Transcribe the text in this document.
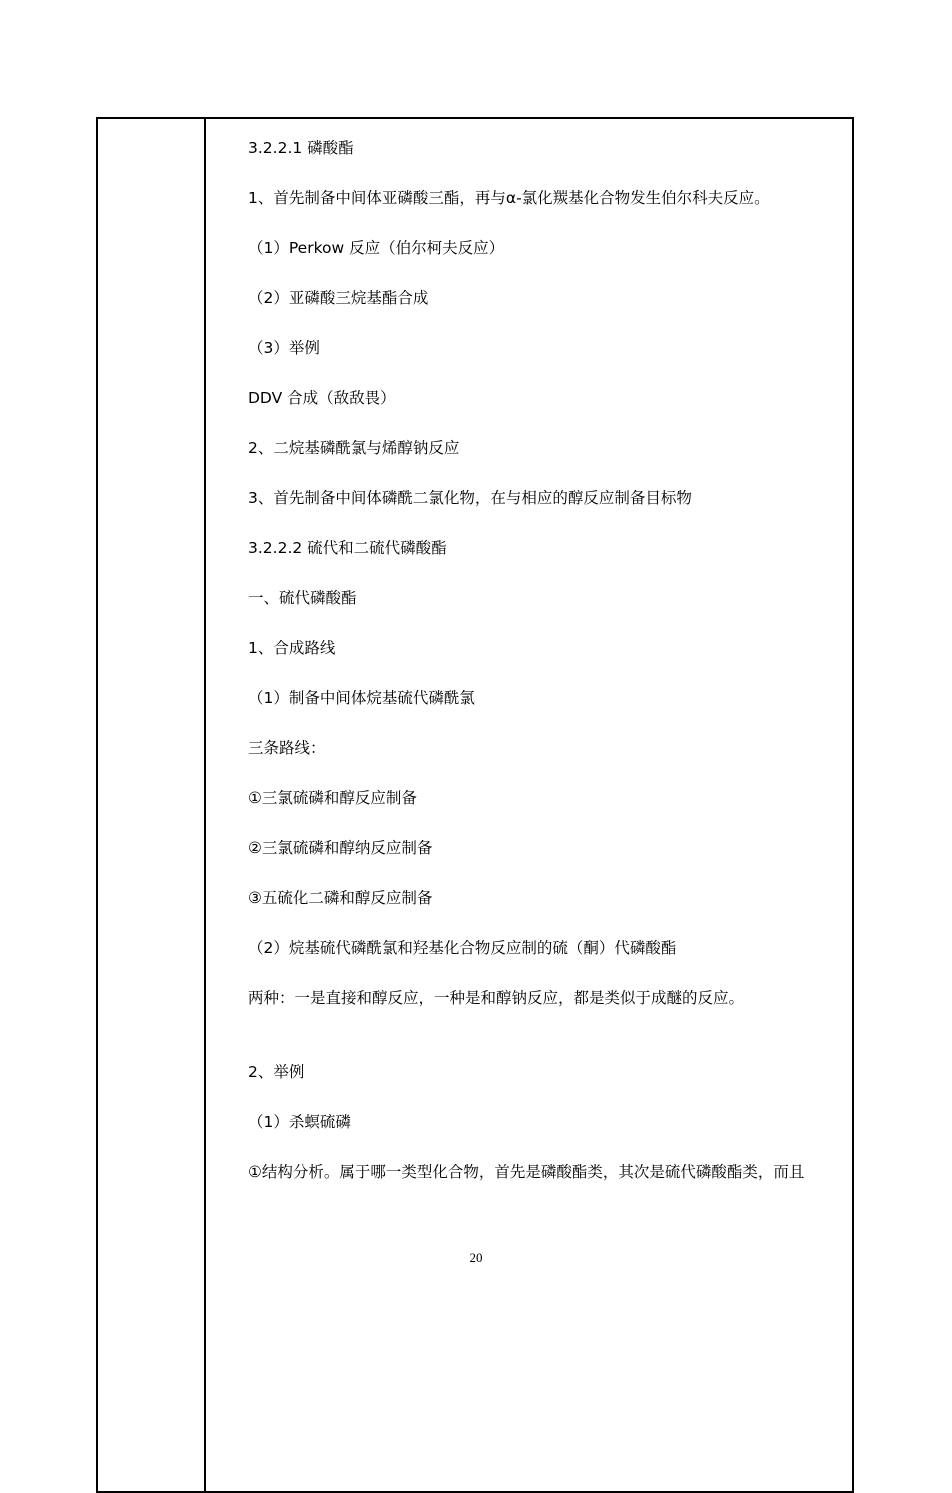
3.2.2.1 磷酸酯
1、首先制备中间体亚磷酸三酯，再与α-氯化羰基化合物发生伯尔科夫反应。
（1）Perkow 反应（伯尔柯夫反应）
（2）亚磷酸三烷基酯合成
（3）举例
DDV 合成（敌敌畏）
2、二烷基磷酰氯与烯醇钠反应
3、首先制备中间体磷酰二氯化物，在与相应的醇反应制备目标物
3.2.2.2 硫代和二硫代磷酸酯
一、硫代磷酸酯
1、合成路线
（1）制备中间体烷基硫代磷酰氯
三条路线：
①三氯硫磷和醇反应制备
②三氯硫磷和醇纳反应制备
③五硫化二磷和醇反应制备
（2）烷基硫代磷酰氯和羟基化合物反应制的硫（酮）代磷酸酯
两种：一是直接和醇反应，一种是和醇钠反应，都是类似于成醚的反应。
2、举例
（1）杀螟硫磷
①结构分析。属于哪一类型化合物，首先是磷酸酯类，其次是硫代磷酸酯类，而且
20
